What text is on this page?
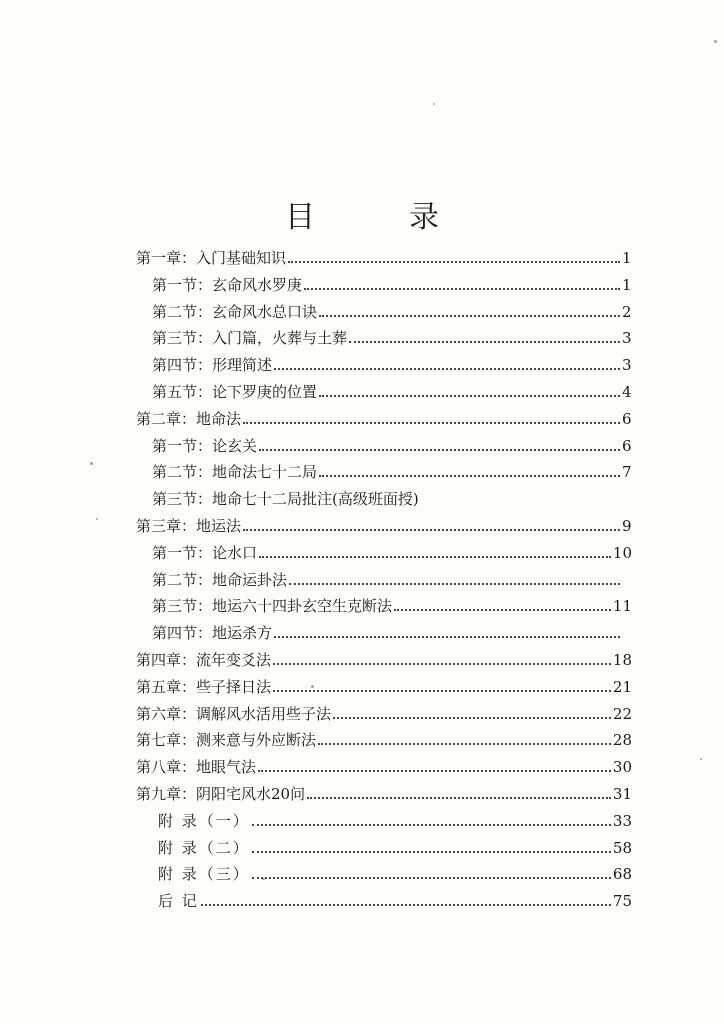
目　录
第一章：入门基础知识	1
第一节：玄命风水罗庚	1
第二节：玄命风水总口诀	2
第三节：入门篇，火葬与土葬	3
第四节：形理简述	3
第五节：论下罗庚的位置	4
第二章：地命法	6
第一节：论玄关	6
第二节：地命法七十二局	7
第三节：地命七十二局批注(高级班面授)
第三章：地运法	9
第一节：论水口	10
第二节：地命运卦法
第三节：地运六十四卦玄空生克断法	11
第四节：地运杀方
第四章：流年变爻法	18
第五章：些子择日法	21
第六章：调解风水活用些子法	22
第七章：测来意与外应断法	28
第八章：地眼气法	30
第九章：阴阳宅风水20问	31
附 录（一）	33
附 录（二）	58
附 录（三）	68
后 记	75
